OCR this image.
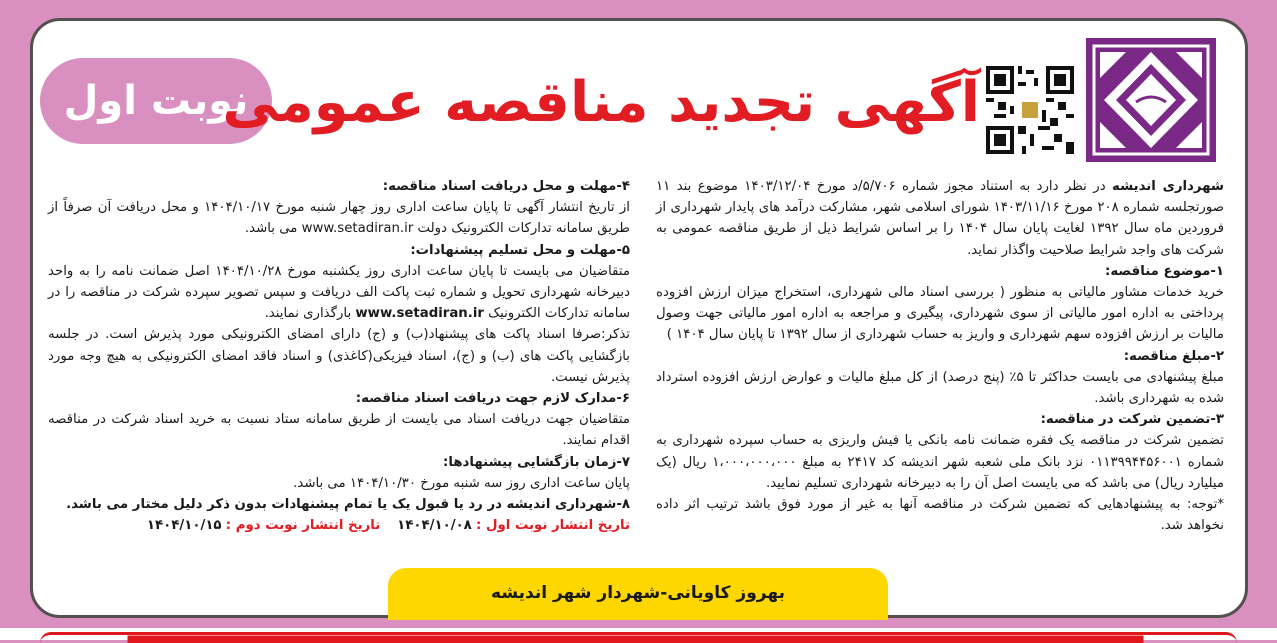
نوبت اول
آگهی تجدید مناقصه عمومی

شهرداری اندیشه در نظر دارد به استناد مجوز شماره ۵/۷۰۶/د مورخ ۱۴۰۳/۱۲/۰۴ موضوع بند ۱۱ صورتجلسه شماره ۲۰۸ مورخ ۱۴۰۳/۱۱/۱۶ شورای اسلامی شهر، مشارکت درآمد های پایدار شهرداری از فروردین ماه سال ۱۳۹۲ لغایت پایان سال ۱۴۰۴ را بر اساس شرایط ذیل از طریق مناقصه عمومی به شرکت های واجد شرایط صلاحیت واگذار نماید.

۱-موضوع مناقصه:

خرید خدمات مشاور مالیاتی به منظور ( بررسی اسناد مالی شهرداری، استخراج میزان ارزش افزوده پرداختی به اداره امور مالیاتی از سوی شهرداری، پیگیری و مراجعه به اداره امور مالیاتی جهت وصول مالیات بر ارزش افزوده سهم شهرداری و واریز به حساب شهرداری از سال ۱۳۹۲ تا پایان سال ۱۴۰۴ )

۲-مبلغ مناقصه:

مبلغ پیشنهادی می بایست حداکثر تا ۵٪ (پنج درصد) از کل مبلغ مالیات و عوارض ارزش افزوده استرداد شده به شهرداری باشد.

۳-تضمین شرکت در مناقصه:

تضمین شرکت در مناقصه یک فقره ضمانت نامه بانکی یا فیش واریزی به حساب سپرده شهرداری به شماره ۰۱۱۳۹۹۴۴۵۶۰۰۱ نزد بانک ملی شعبه شهر اندیشه کد ۲۴۱۷ به مبلغ ۱،۰۰۰،۰۰۰،۰۰۰ ریال (یک میلیارد ریال) می باشد که می بایست اصل آن را به دبیرخانه شهرداری تسلیم نمایید.

*توجه: به پیشنهادهایی که تضمین شرکت در مناقصه آنها به غیر از مورد فوق باشد ترتیب اثر داده نخواهد شد.

۴-مهلت و محل دریافت اسناد مناقصه:

از تاریخ انتشار آگهی تا پایان ساعت اداری روز چهار شنبه مورخ ۱۴۰۴/۱۰/۱۷ و محل دریافت آن صرفاً از طریق سامانه تدارکات الکترونیک دولت www.setadiran.ir می باشد.

۵-مهلت و محل تسلیم پیشنهادات:

متقاضیان می بایست تا پایان ساعت اداری روز یکشنبه مورخ ۱۴۰۴/۱۰/۲۸ اصل ضمانت نامه را به واحد دبیرخانه شهرداری تحویل و شماره ثبت پاکت الف دریافت و سپس تصویر سپرده شرکت در مناقصه را در سامانه تدارکات الکترونیک www.setadiran.ir بارگذاری نمایند.

تذکر:صرفا اسناد پاکت های پیشنهاد(ب) و (ج) دارای امضای الکترونیکی مورد پذیرش است. در جلسه بازگشایی پاکت های (ب) و (ج)، اسناد فیزیکی(کاغذی) و اسناد فاقد امضای الکترونیکی به هیچ وجه مورد پذیرش نیست.

۶-مدارک لازم جهت دریافت اسناد مناقصه:

متقاضیان جهت دریافت اسناد می بایست از طریق سامانه ستاد نسبت به خرید اسناد شرکت در مناقصه اقدام نمایند.

۷-زمان بازگشایی پیشنهادها:

پایان ساعت اداری روز سه شنبه مورخ ۱۴۰۴/۱۰/۳۰ می باشد.

۸-شهرداری اندیشه در رد یا قبول یک یا تمام پیشنهادات بدون ذکر دلیل مختار می باشد.

تاریخ انتشار نوبت اول : ۱۴۰۴/۱۰/۰۸    تاریخ انتشار نوبت دوم : ۱۴۰۴/۱۰/۱۵

بهروز کاویانی-شهردار شهر اندیشه
